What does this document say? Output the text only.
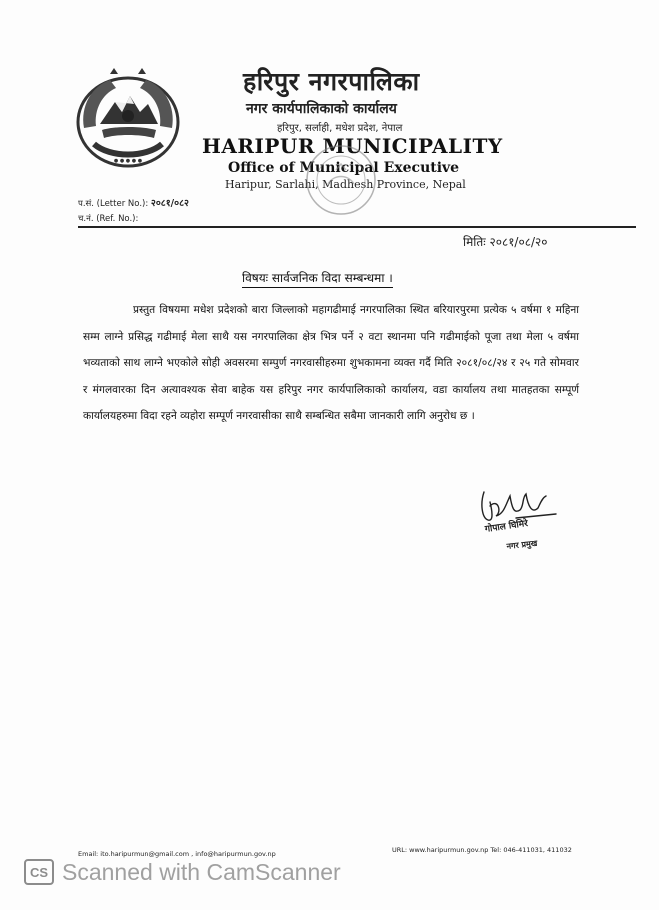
● ● ● ● ●
हरिपुर नगरपालिका
नगर कार्यपालिकाको कार्यालय
हरिपुर, सर्लाही, मधेश प्रदेश, नेपाल
HARIPUR MUNICIPALITY
Office of Municipal Executive
Haripur, Sarlahi, Madhesh Province, Nepal
प.सं. (Letter No.): २०८१/०८२
च.नं. (Ref. No.):
मितिः २०८१/०८/२०
विषयः सार्वजनिक विदा सम्बन्धमा ।
प्रस्तुत विषयमा मधेश प्रदेशको बारा जिल्लाको महागढीमाई नगरपालिका स्थित बरियारपुरमा प्रत्येक ५ वर्षमा १ महिना सम्म लाग्ने प्रसिद्ध गढीमाई मेला साथै यस नगरपालिका क्षेत्र भित्र पर्ने २ वटा स्थानमा पनि गढीमाईको पूजा तथा मेला ५ वर्षमा भव्यताको साथ लाग्ने भएकोले सोही अवसरमा सम्पुर्ण नगरवासीहरुमा शुभकामना व्यक्त गर्दै मिति २०८१/०८/२४ र २५ गते सोमवार र मंगलवारका दिन अत्यावश्यक सेवा बाहेक यस हरिपुर नगर कार्यपालिकाको कार्यालय, वडा कार्यालय तथा मातहतका सम्पूर्ण कार्यालयहरुमा विदा रहने व्यहोरा सम्पूर्ण नगरवासीका साथै सम्बन्धित सबैमा जानकारी लागि अनुरोध छ ।
गोपाल घिमिरे
नगर प्रमुख
Email: ito.haripurmun@gmail.com , info@haripurmun.gov.np	URL: www.haripurmun.gov.np Tel: 046-411031, 411032
CS Scanned with CamScanner
